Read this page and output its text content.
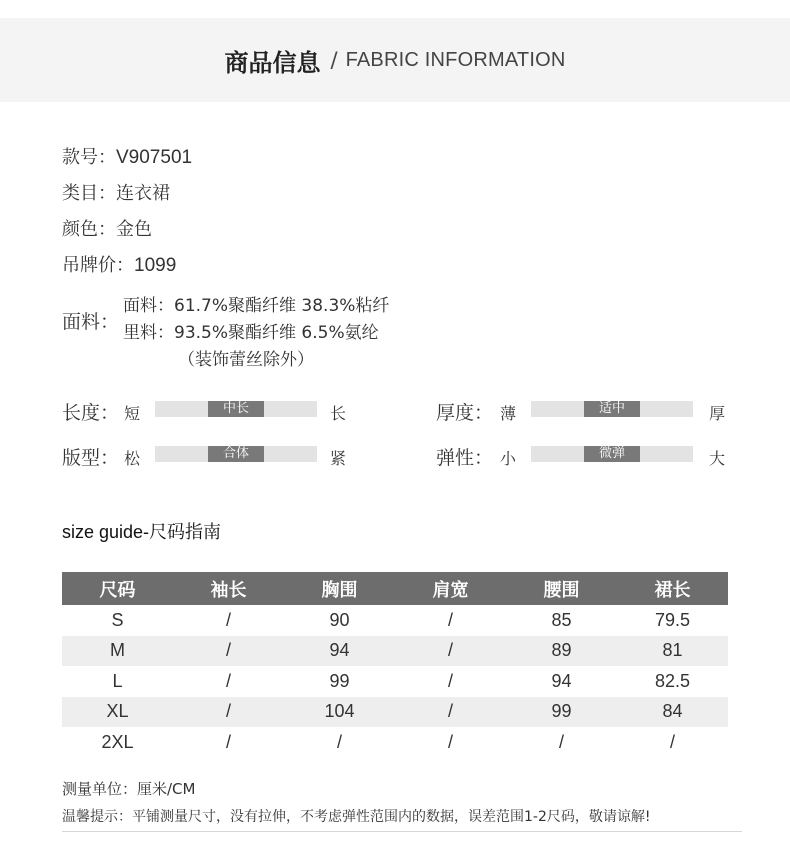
商品信息 / FABRIC INFORMATION
款号：V907501
类目：连衣裙
颜色：金色
吊牌价：1099
面料：
面料：61.7%聚酯纤维 38.3%粘纤
里料：93.5%聚酯纤维 6.5%氨纶
（装饰蕾丝除外）
长度： 短	中长	长	厚度： 薄	适中	厚
版型： 松	合体	紧	弹性： 小	微弹	大
size guide-尺码指南
尺码	袖长	胸围	肩宽	腰围	裙长
S	/	90	/	85	79.5
M	/	94	/	89	81
L	/	99	/	94	82.5
XL	/	104	/	99	84
2XL	/	/	/	/	/
测量单位：厘米/CM
温馨提示：平铺测量尺寸，没有拉伸，不考虑弹性范围内的数据，误差范围1-2尺码，敬请谅解!
